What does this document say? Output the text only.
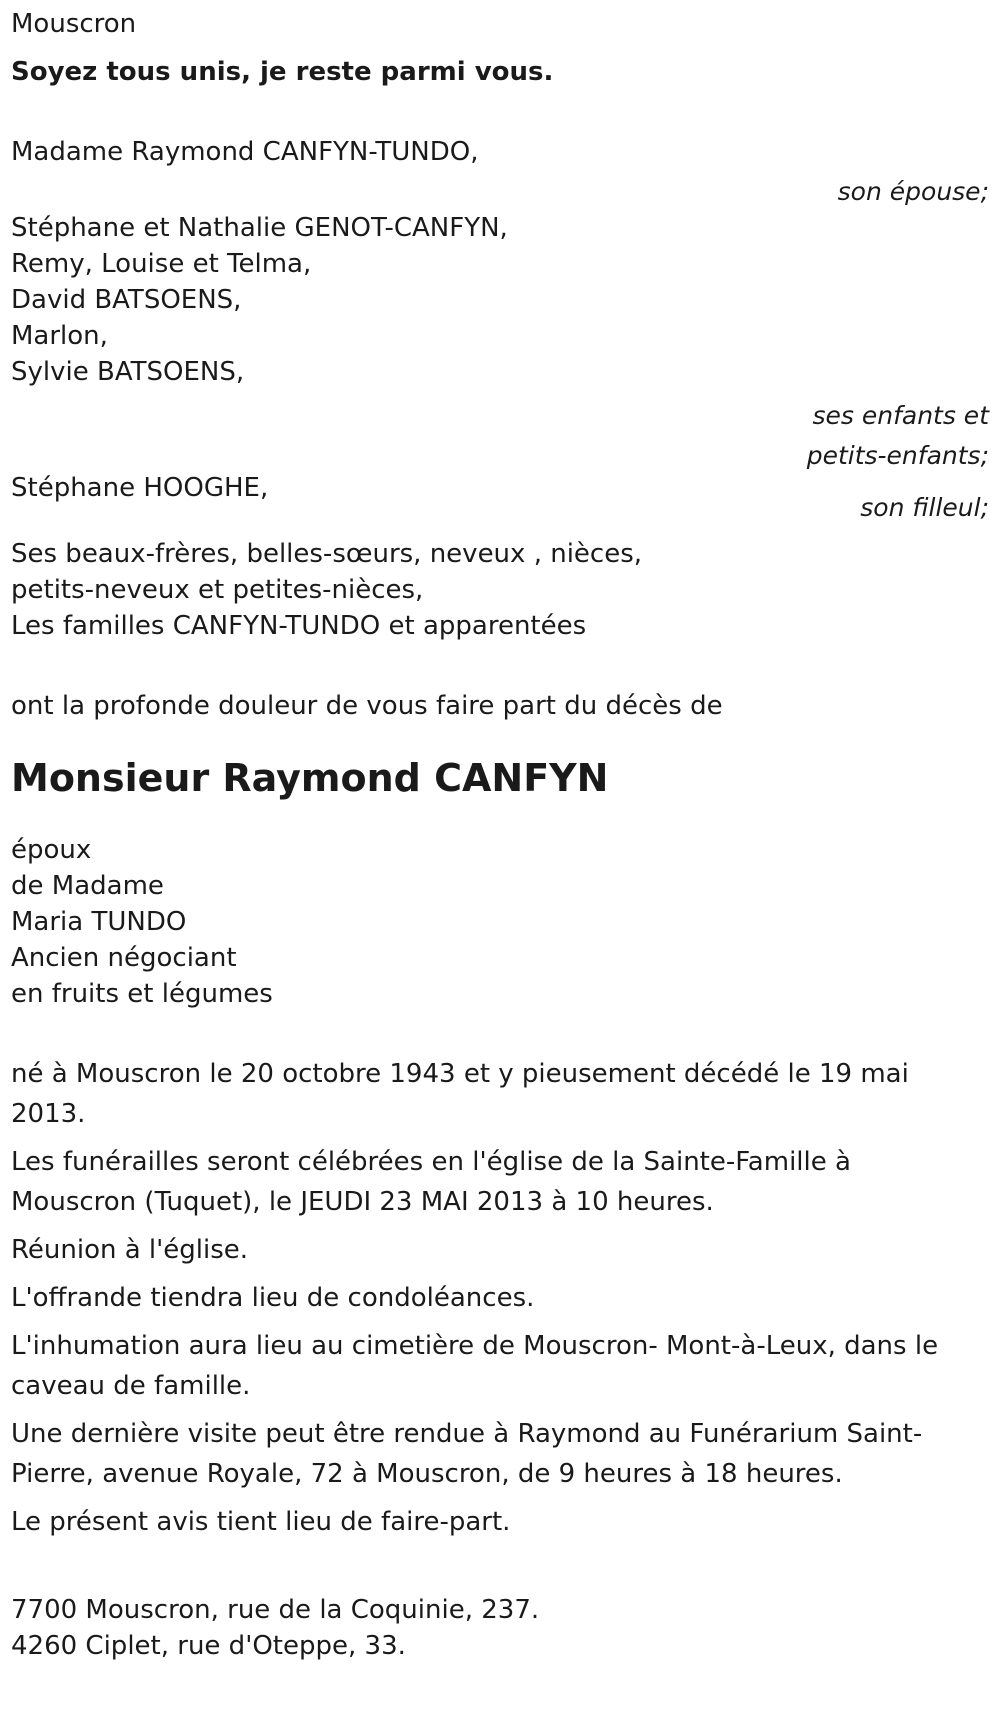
Mouscron
Soyez tous unis, je reste parmi vous.
Madame Raymond CANFYN-TUNDO,
son épouse;
Stéphane et Nathalie GENOT-CANFYN,
Remy, Louise et Telma,
David BATSOENS,
Marlon,
Sylvie BATSOENS,
ses enfants et
petits-enfants;
Stéphane HOOGHE,
son filleul;
Ses beaux-frères, belles-sœurs, neveux , nièces,
petits-neveux et petites-nièces,
Les familles CANFYN-TUNDO et apparentées
ont la profonde douleur de vous faire part du décès de
Monsieur Raymond CANFYN
époux
de Madame
Maria TUNDO
Ancien négociant
en fruits et légumes
né à Mouscron le 20 octobre 1943 et y pieusement décédé le 19 mai 2013.
Les funérailles seront célébrées en l'église de la Sainte-Famille à Mouscron (Tuquet), le JEUDI 23 MAI 2013 à 10 heures.
Réunion à l'église.
L'offrande tiendra lieu de condoléances.
L'inhumation aura lieu au cimetière de Mouscron- Mont-à-Leux, dans le caveau de famille.
Une dernière visite peut être rendue à Raymond au Funérarium Saint-Pierre, avenue Royale, 72 à Mouscron, de 9 heures à 18 heures.
Le présent avis tient lieu de faire-part.
7700 Mouscron, rue de la Coquinie, 237.
4260 Ciplet, rue d'Oteppe, 33.
